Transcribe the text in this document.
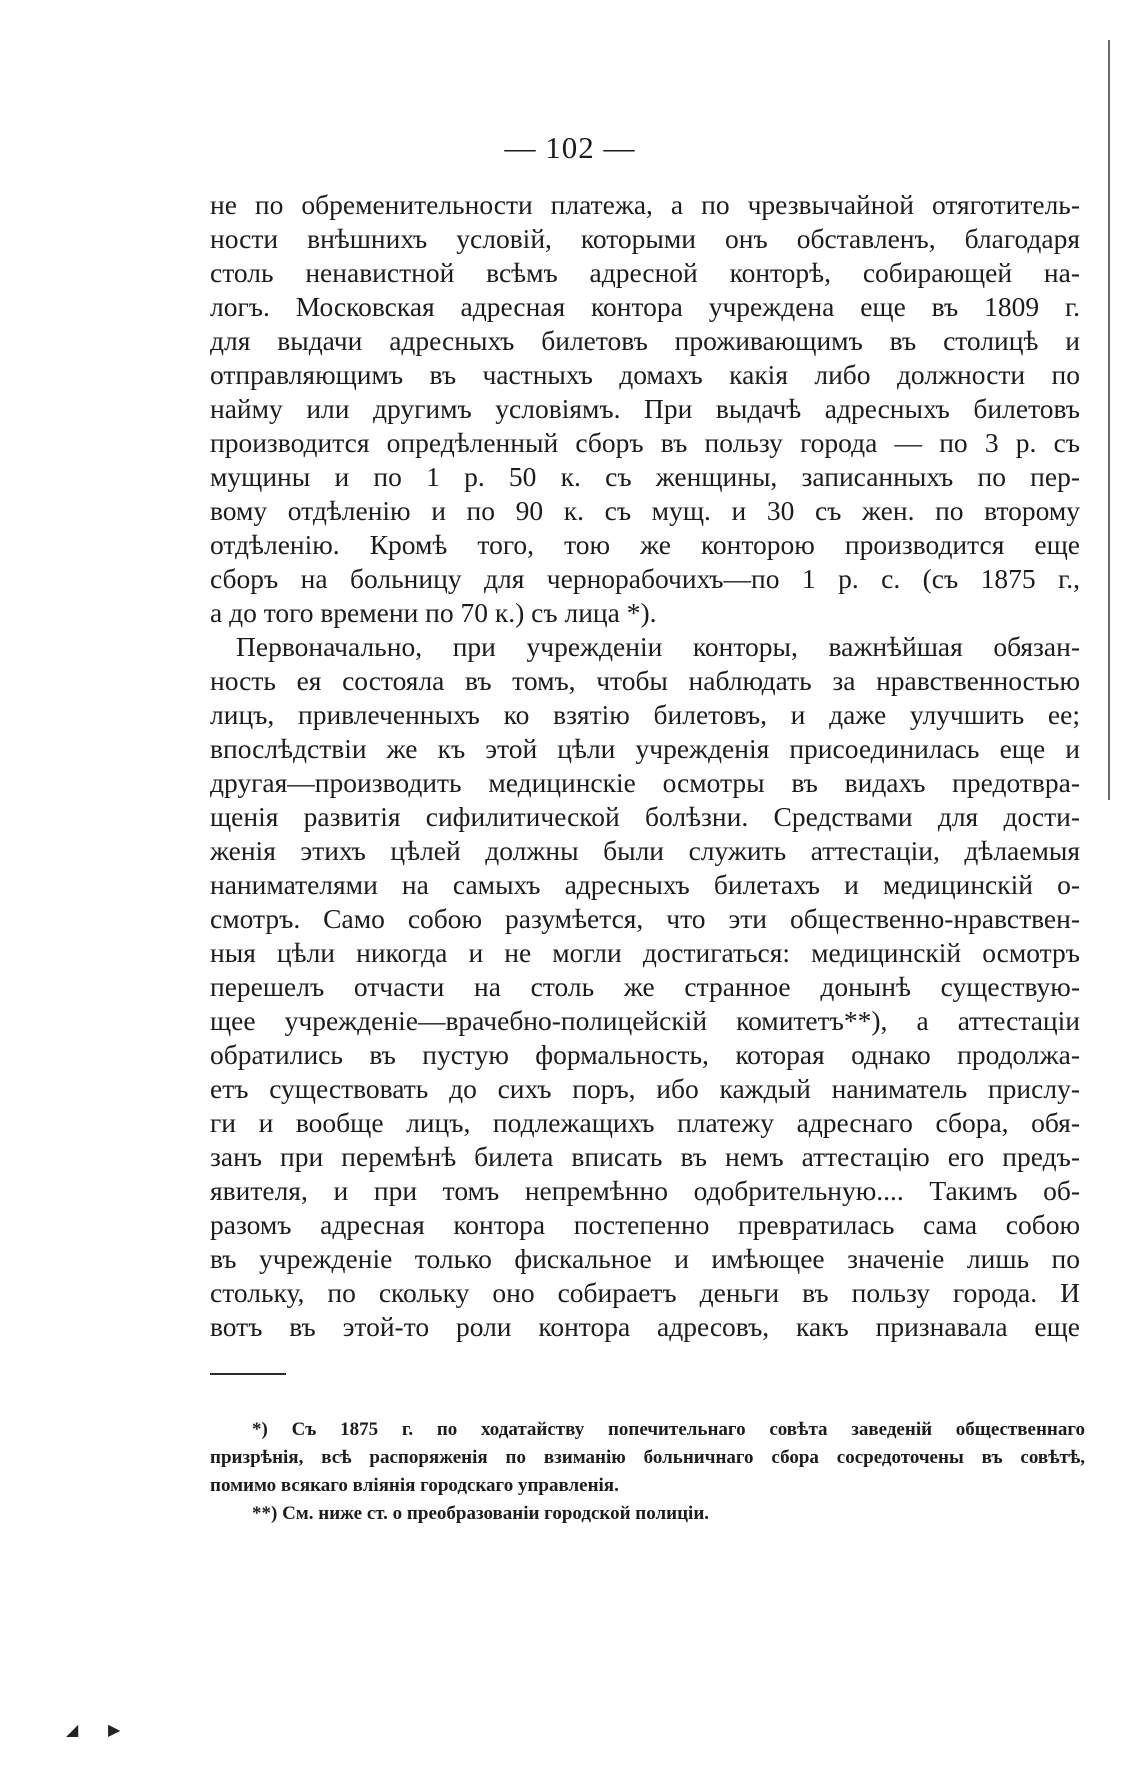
— 102 —
не по обременительности платежа, а по чрезвычайной отяготитель-
ности внѣшнихъ условій, которыми онъ обставленъ, благодаря
столь ненавистной всѣмъ адресной конторѣ, собирающей на-
логъ. Московская адресная контора учреждена еще въ 1809 г.
для выдачи адресныхъ билетовъ проживающимъ въ столицѣ и
отправляющимъ въ частныхъ домахъ какія либо должности по
найму или другимъ условіямъ. При выдачѣ адресныхъ билетовъ
производится опредѣленный сборъ въ пользу города — по 3 р. съ
мущины и по 1 р. 50 к. съ женщины, записанныхъ по пер-
вому отдѣленію и по 90 к. съ мущ. и 30 съ жен. по второму
отдѣленію. Кромѣ того, тою же конторою производится еще
сборъ на больницу для чернорабочихъ—по 1 р. с. (съ 1875 г.,
а до того времени по 70 к.) съ лица *).
Первоначально, при учрежденіи конторы, важнѣйшая обязан-
ность ея состояла въ томъ, чтобы наблюдать за нравственностью
лицъ, привлеченныхъ ко взятію билетовъ, и даже улучшить ее;
впослѣдствіи же къ этой цѣли учрежденія присоединилась еще и
другая—производить медицинскіе осмотры въ видахъ предотвра-
щенія развитія сифилитической болѣзни. Средствами для дости-
женія этихъ цѣлей должны были служить аттестаціи, дѣлаемыя
нанимателями на самыхъ адресныхъ билетахъ и медицинскій о-
смотръ. Само собою разумѣется, что эти общественно-нравствен-
ныя цѣли никогда и не могли достигаться: медицинскій осмотръ
перешелъ отчасти на столь же странное донынѣ существую-
щее учрежденіе—врачебно-полицейскій комитетъ**), а аттестаціи
обратились въ пустую формальность, которая однако продолжа-
етъ существовать до сихъ поръ, ибо каждый наниматель прислу-
ги и вообще лицъ, подлежащихъ платежу адреснаго сбора, обя-
занъ при перемѣнѣ билета вписать въ немъ аттестацію его предъ-
явителя, и при томъ непремѣнно одобрительную.... Такимъ об-
разомъ адресная контора постепенно превратилась сама собою
въ учрежденіе только фискальное и имѣющее значеніе лишь по
стольку, по скольку оно собираетъ деньги въ пользу города. И
вотъ въ этой-то роли контора адресовъ, какъ признавала еще
*) Съ 1875 г. по ходатайству попечительнаго совѣта заведеній общественнаго
призрѣнія, всѣ распоряженія по взиманію больничнаго сбора сосредоточены въ совѣтѣ,
помимо всякаго вліянія городскаго управленія.
**) См. ниже ст. о преобразованіи городской полиціи.
◢ ▶
